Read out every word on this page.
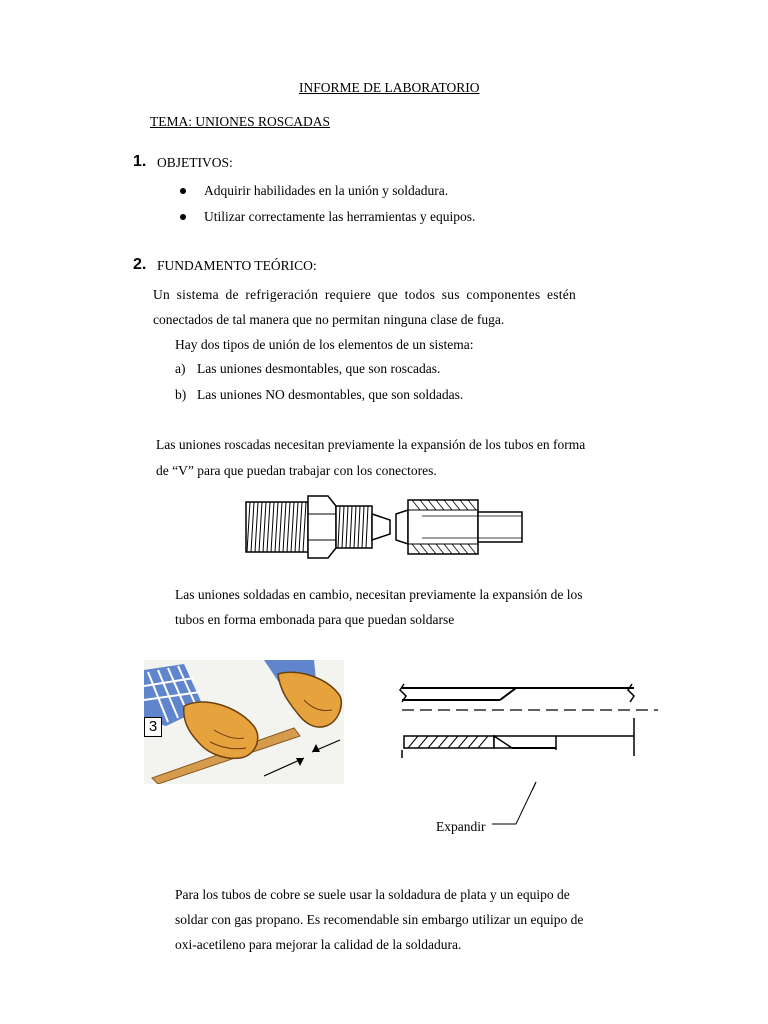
INFORME DE LABORATORIO
TEMA: UNIONES ROSCADAS
1. OBJETIVOS:
Adquirir habilidades en la unión y soldadura.
Utilizar correctamente las herramientas y equipos.
2. FUNDAMENTO TEÓRICO:
Un sistema de refrigeración requiere que todos sus componentes estén
conectados de tal manera que no permitan ninguna clase de fuga.
Hay dos tipos de unión de los elementos de un sistema:
a) Las uniones desmontables, que son roscadas.
b) Las uniones NO desmontables, que son soldadas.
Las uniones roscadas necesitan previamente la expansión de los tubos en forma
de “V” para que puedan trabajar con los conectores.
Las uniones soldadas en cambio, necesitan previamente la expansión de los
tubos en forma embonada para que puedan soldarse
3
Expandir
Para los tubos de cobre se suele usar la soldadura de plata y un equipo de
soldar con gas propano. Es recomendable sin embargo utilizar un equipo de
oxi-acetileno para mejorar la calidad de la soldadura.
